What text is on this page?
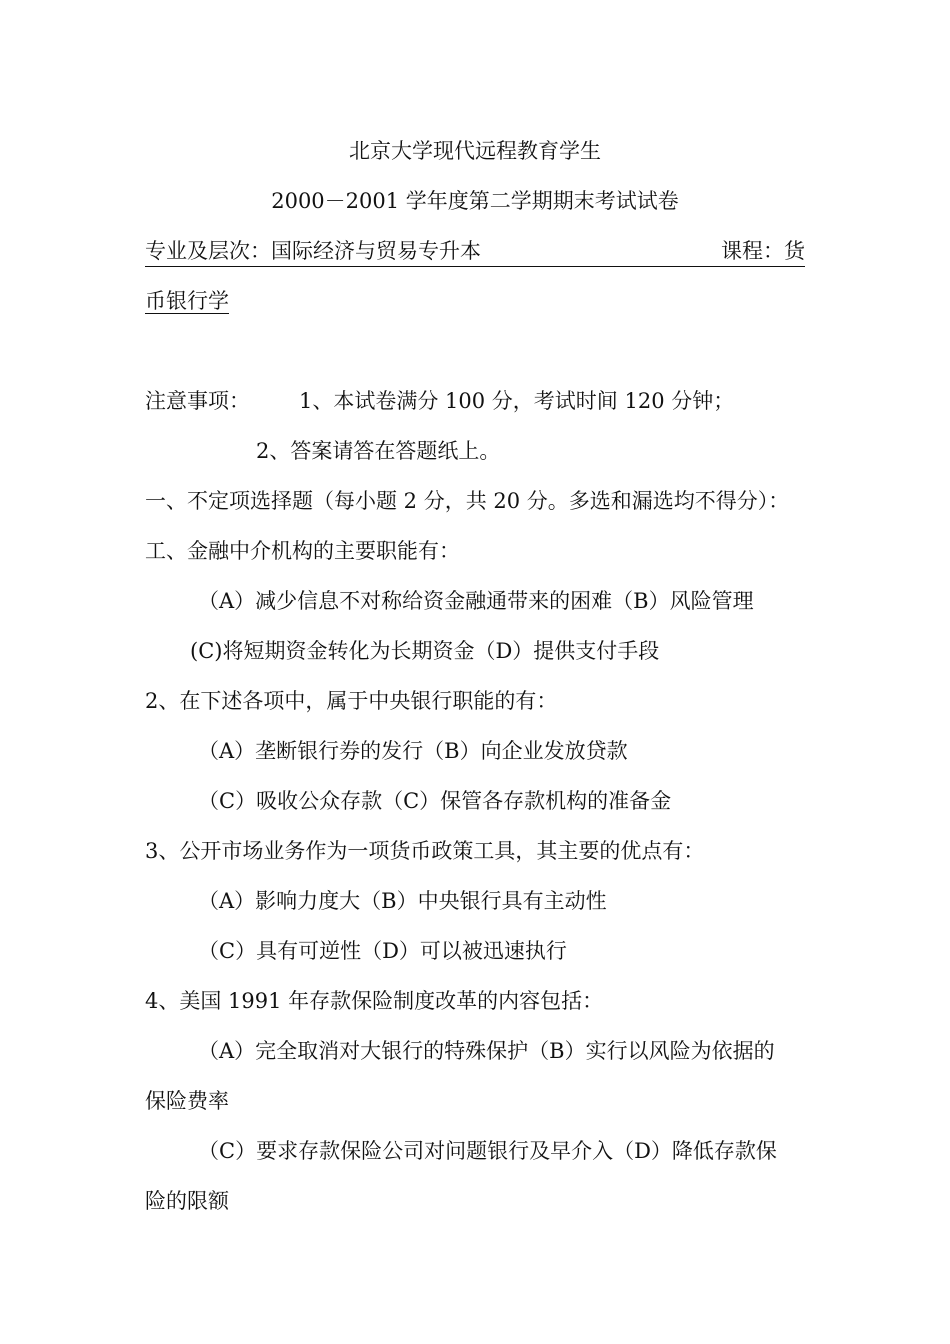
北京大学现代远程教育学生
2000－2001 学年度第二学期期末考试试卷
专业及层次：国际经济与贸易专升本	课程：货
币银行学
注意事项： 1、本试卷满分 100 分，考试时间 120 分钟；
2、答案请答在答题纸上。
一、不定项选择题（每小题 2 分，共 20 分。多选和漏选均不得分）：
工、金融中介机构的主要职能有：
（A）减少信息不对称给资金融通带来的困难（B）风险管理
(C)将短期资金转化为长期资金（D）提供支付手段
2、在下述各项中，属于中央银行职能的有：
（A）垄断银行券的发行（B）向企业发放贷款
（C）吸收公众存款（C）保管各存款机构的准备金
3、公开市场业务作为一项货币政策工具，其主要的优点有：
（A）影响力度大（B）中央银行具有主动性
（C）具有可逆性（D）可以被迅速执行
4、美国 1991 年存款保险制度改革的内容包括：
（A）完全取消对大银行的特殊保护（B）实行以风险为依据的
保险费率
（C）要求存款保险公司对问题银行及早介入（D）降低存款保
险的限额
